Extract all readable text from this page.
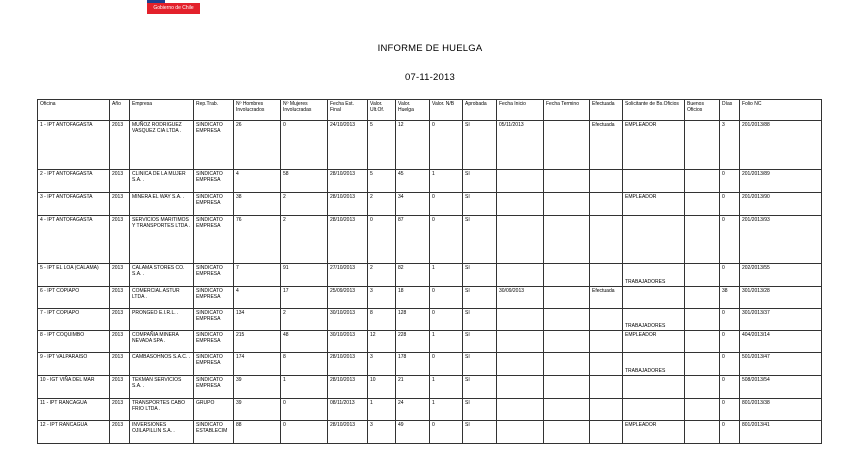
Gobierno de Chile
INFORME DE HUELGA
07-11-2013
Oficina	Año	Empresa	Rep.Trab.	Nº Hombres Involucrados	Nº Mujeres Involucradas	Fecha Est. Final	Valor. Ult.Of.	Valor. Huelga	Valor. N/B	Aprobada	Fecha Inicio	Fecha Termino	Efectuada	Solicitante de Bs.Oficios	Buenos Oficios	Días	Folio NC
1 - IPT ANTOFAGASTA	2013	MUÑOZ RODRIGUEZ VASQUEZ CIA LTDA .	SINDICATO EMPRESA	26	0	24/10/2013	5	12	0	SI	05/11/2013		Efectuada	EMPLEADOR		3	201/2013/88
2 - IPT ANTOFAGASTA	2013	CLINICA DE LA MUJER S.A. .	SINDICATO EMPRESA	4	58	28/10/2013	5	45	1	SI						0	201/2013/89
3 - IPT ANTOFAGASTA	2013	MINERA EL WAY S.A. .	SINDICATO EMPRESA	38	2	28/10/2013	2	34	0	SI				EMPLEADOR		0	201/2013/90
4 - IPT ANTOFAGASTA	2013	SERVICIOS MARITIMOS Y TRANSPORTES LTDA .	SINDICATO EMPRESA	76	2	28/10/2013	0	87	0	SI						0	201/2013/93
5 - IPT EL LOA (CALAMA)	2013	CALAMA STORES CO. S.A. .	SINDICATO EMPRESA	7	91	27/10/2013	2	82	1	SI				TRABAJADORES		0	202/2013/55
6 - IPT COPIAPO	2013	COMERCIAL ASTUR LTDA .	SINDICATO EMPRESA	4	17	25/09/2013	3	18	0	SI	30/09/2013		Efectuada			38	301/2013/28
7 - IPT COPIAPO	2013	PRONGEO E.I.R.L. .	SINDICATO EMPRESA	134	2	30/10/2013	8	128	0	SI				TRABAJADORES		0	301/2013/37
8 - IPT COQUIMBO	2013	COMPAÑIA MINERA NEVADA SPA .	SINDICATO EMPRESA	215	48	30/10/2013	12	228	1	SI				EMPLEADOR		0	404/2013/14
9 - IPT VALPARAISO	2013	CAMBASOHNOS S.A.C. .	SINDICATO EMPRESA	174	8	28/10/2013	3	178	0	SI				TRABAJADORES		0	501/2013/47
10 - IGT VIÑA DEL MAR	2013	TEKMAN SERVICIOS S.A. .	SINDICATO EMPRESA	39	1	28/10/2013	10	21	1	SI						0	508/2013/54
11 - IPT RANCAGUA	2013	TRANSPORTES CABO FRIO LTDA .	GRUPO	39	0	08/11/2013	1	24	1	SI						0	801/2013/38
12 - IPT RANCAGUA	2013	INVERSIONES OJILAPILLIN S.A. .	SINDICATO ESTABLECIM	88	0	28/10/2013	3	49	0	SI				EMPLEADOR		0	801/2013/41
